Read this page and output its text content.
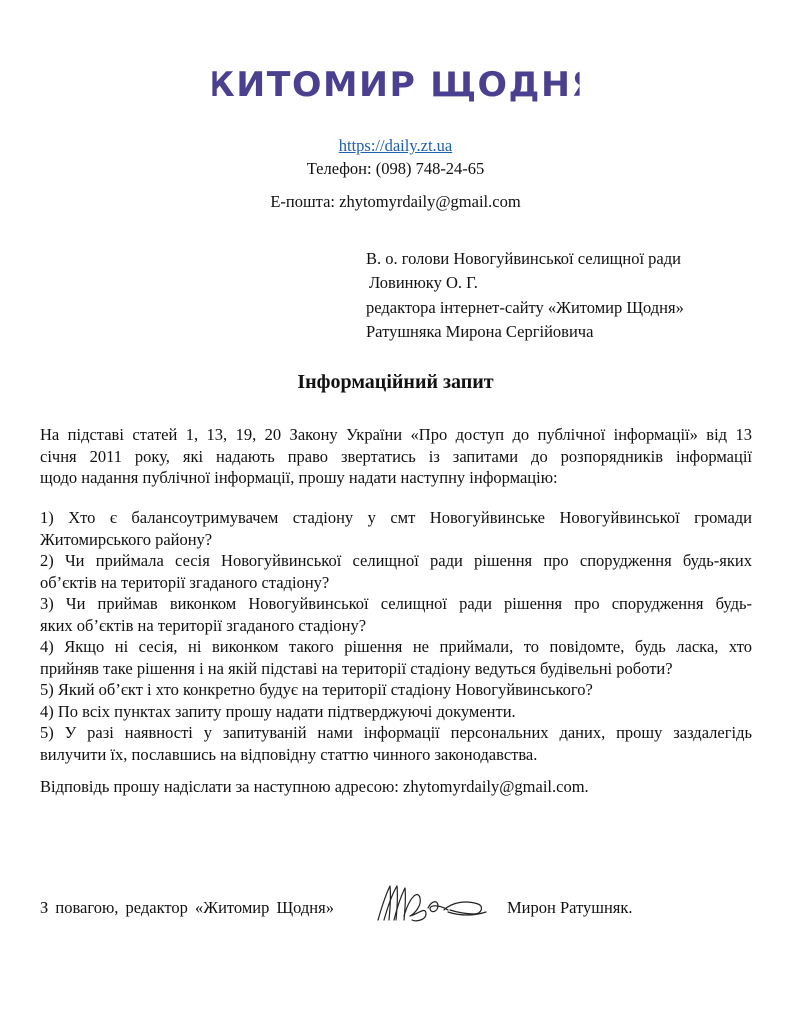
ЖИТОМИР ЩОДНЯ
https://daily.zt.ua
Телефон: (098) 748-24-65
E-пошта: zhytomyrdaily@gmail.com
В. о. голови Новогуйвинської селищної ради
Ловинюку О. Г.
редактора інтернет-сайту «Житомир Щодня»
Ратушняка Мирона Сергійовича
Інформаційний запит
На підставі статей 1, 13, 19, 20 Закону України «Про доступ до публічної інформації» від 13
січня 2011 року, які надають право звертатись із запитами до розпорядників інформації
щодо надання публічної інформації, прошу надати наступну інформацію:
1) Хто є балансоутримувачем стадіону у смт Новогуйвинське Новогуйвинської громади
Житомирського району?
2) Чи приймала сесія Новогуйвинської селищної ради рішення про спорудження будь-яких
об’єктів на території згаданого стадіону?
3) Чи приймав виконком Новогуйвинської селищної ради рішення про спорудження будь-
яких об’єктів на території згаданого стадіону?
4) Якщо ні сесія, ні виконком такого рішення не приймали, то повідомте, будь ласка, хто
прийняв таке рішення і на якій підставі на території стадіону ведуться будівельні роботи?
5) Який об’єкт і хто конкретно будує на території стадіону Новогуйвинського?
4) По всіх пунктах запиту прошу надати підтверджуючі документи.
5) У разі наявності у запитуваній нами інформації персональних даних, прошу заздалегідь
вилучити їх, пославшись на відповідну статтю чинного законодавства.
Відповідь прошу надіслати за наступною адресою: zhytomyrdaily@gmail.com.
З повагою, редактор «Житомир Щодня»	Мирон Ратушняк.
